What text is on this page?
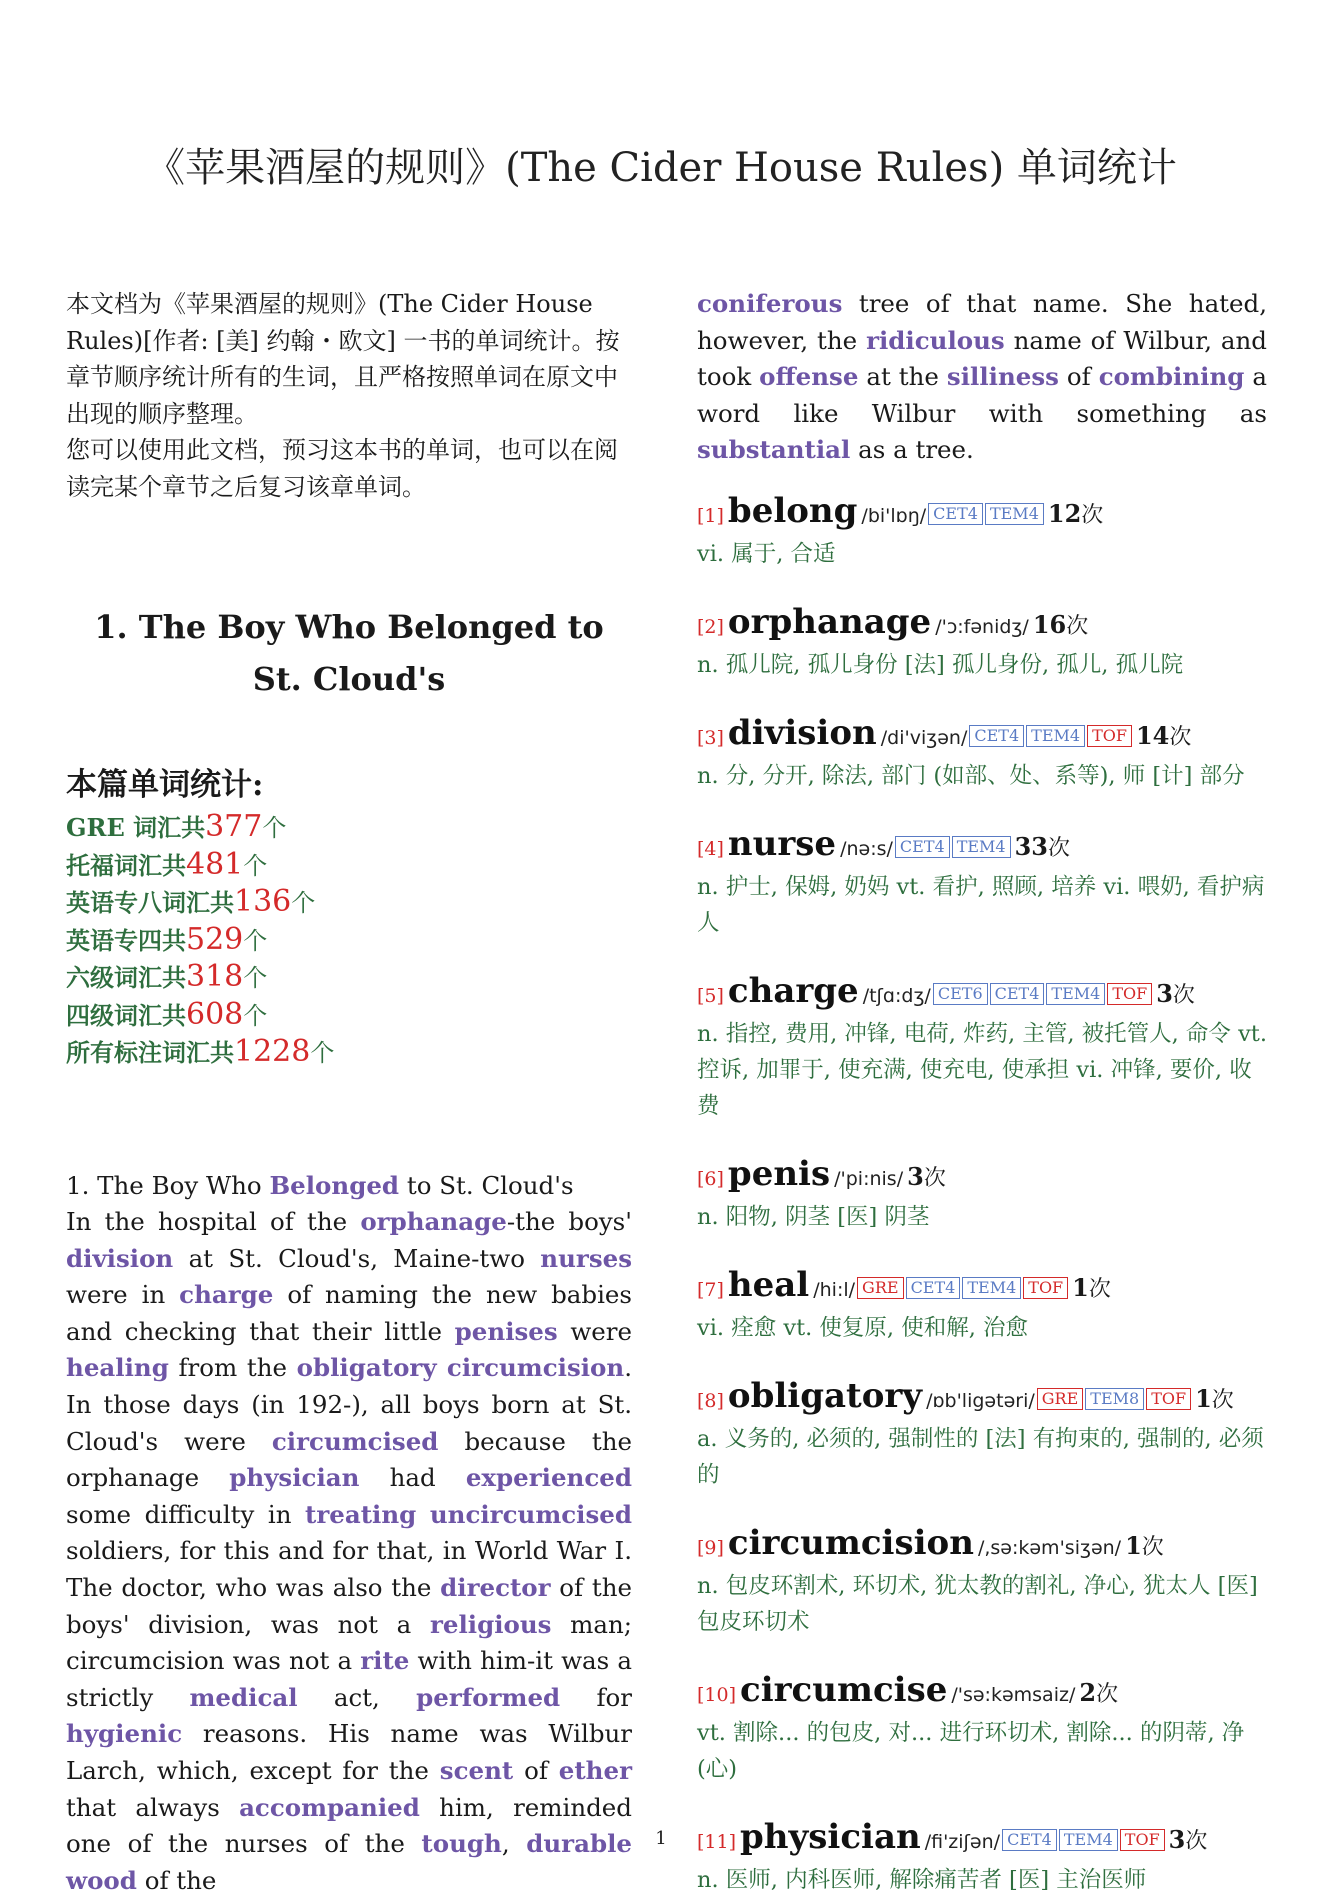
《苹果酒屋的规则》(The Cider House Rules) 单词统计

本文档为《苹果酒屋的规则》(The Cider House Rules)[作者: [美] 约翰・欧文] 一书的单词统计。按章节顺序统计所有的生词，且严格按照单词在原文中出现的顺序整理。

您可以使用此文档，预习这本书的单词，也可以在阅读完某个章节之后复习该章单词。

1. The Boy Who Belonged to St. Cloud's
本篇单词统计:
GRE 词汇共377个
托福词汇共481个
英语专八词汇共136个
英语专四共529个
六级词汇共318个
四级词汇共608个
所有标注词汇共1228个
1. The Boy Who Belonged to St. Cloud's
In the hospital of the orphanage-the boys' division at St. Cloud's, Maine-two nurses were in charge of naming the new babies and checking that their little penises were healing from the obligatory circumcision. In those days (in 192-), all boys born at St. Cloud's were circumcised because the orphanage physician had experienced some difficulty in treating uncircumcised soldiers, for this and for that, in World War I. The doctor, who was also the director of the boys' division, was not a religious man; circumcision was not a rite with him-it was a strictly medical act, performed for hygienic reasons. His name was Wilbur Larch, which, except for the scent of ether that always accompanied him, reminded one of the nurses of the tough, durable wood of the

coniferous tree of that name. She hated, however, the ridiculous name of Wilbur, and took offense at the silliness of combining a word like Wilbur with something as substantial as a tree.

[1] belong /bi'lɒŋ/ CET4 TEM4 12次
vi. 属于, 合适
[2] orphanage /'ɔ:fənidʒ/ 16次
n. 孤儿院, 孤儿身份 [法] 孤儿身份, 孤儿, 孤儿院
[3] division /di'viʒən/ CET4 TEM4 TOF 14次
n. 分, 分开, 除法, 部门 (如部、处、系等), 师 [计] 部分
[4] nurse /nə:s/ CET4 TEM4 33次
n. 护士, 保姆, 奶妈 vt. 看护, 照顾, 培养 vi. 喂奶, 看护病人
[5] charge /tʃɑ:dʒ/ CET6 CET4 TEM4 TOF 3次
n. 指控, 费用, 冲锋, 电荷, 炸药, 主管, 被托管人, 命令 vt. 控诉, 加罪于, 使充满, 使充电, 使承担 vi. 冲锋, 要价, 收费
[6] penis /'pi:nis/ 3次
n. 阳物, 阴茎 [医] 阴茎
[7] heal /hi:l/ GRE CET4 TEM4 TOF 1次
vi. 痊愈 vt. 使复原, 使和解, 治愈
[8] obligatory /ɒb'ligətəri/ GRE TEM8 TOF 1次
a. 义务的, 必须的, 强制性的 [法] 有拘束的, 强制的, 必须的
[9] circumcision /,sə:kəm'siʒən/ 1次
n. 包皮环割术, 环切术, 犹太教的割礼, 净心, 犹太人 [医] 包皮环切术
[10] circumcise /'sə:kəmsaiz/ 2次
vt. 割除... 的包皮, 对... 进行环切术, 割除... 的阴蒂, 净(心)
[11] physician /fi'ziʃən/ CET4 TEM4 TOF 3次
n. 医师, 内科医师, 解除痛苦者 [医] 主治医师
1
